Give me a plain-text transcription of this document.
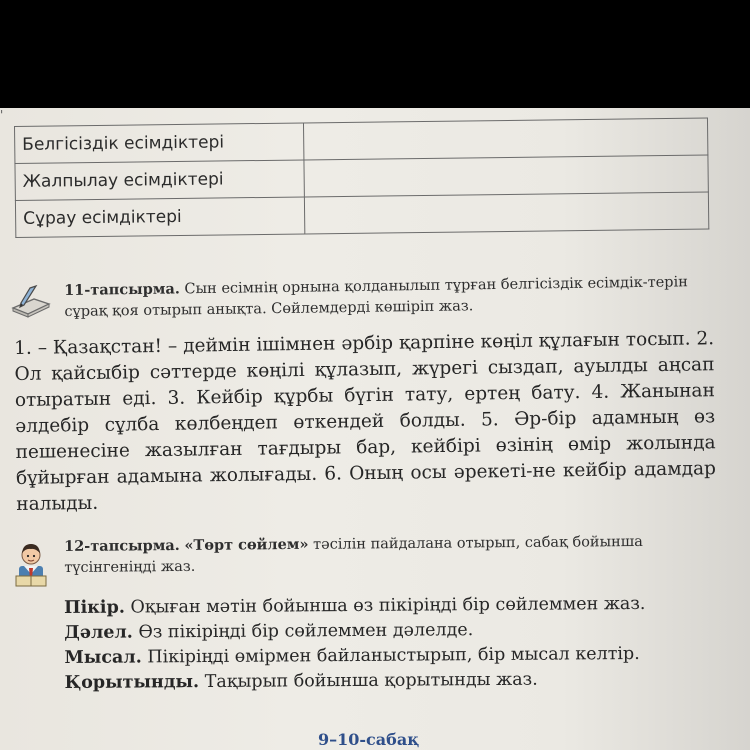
'
Белгісіздік есімдіктері	
Жалпылау есімдіктері	
Сұрау есімдіктері	
11-тапсырма. Сын есімнің орнына қолданылып тұрған белгісіздік есімдік-терін сұрақ қоя отырып анықта. Сөйлемдерді көшіріп жаз.
1. – Қазақстан! – деймін ішімнен әрбір қарпіне көңіл құлағын тосып. 2. Ол қайсыбір сәттерде көңілі құлазып, жүрегі сыздап, ауылды аңсап отыратын еді. 3. Кейбір құрбы бүгін тату, ертең бату. 4. Жанынан әлдебір сұлба көлбеңдеп өткендей болды. 5. Әр-бір адамның өз пешенесіне жазылған тағдыры бар, кейбірі өзінің өмір жолында бұйырған адамына жолығады. 6. Оның осы әрекеті-не кейбір адамдар налыды.
12-тапсырма. «Төрт сөйлем» тәсілін пайдалана отырып, сабақ бойынша түсінгеніңді жаз.
Пікір. Оқыған мәтін бойынша өз пікіріңді бір сөйлеммен жаз.
Дәлел. Өз пікіріңді бір сөйлеммен дәлелде.
Мысал. Пікіріңді өмірмен байланыстырып, бір мысал келтір.
Қорытынды. Тақырып бойынша қорытынды жаз.
9–10-сабақ
